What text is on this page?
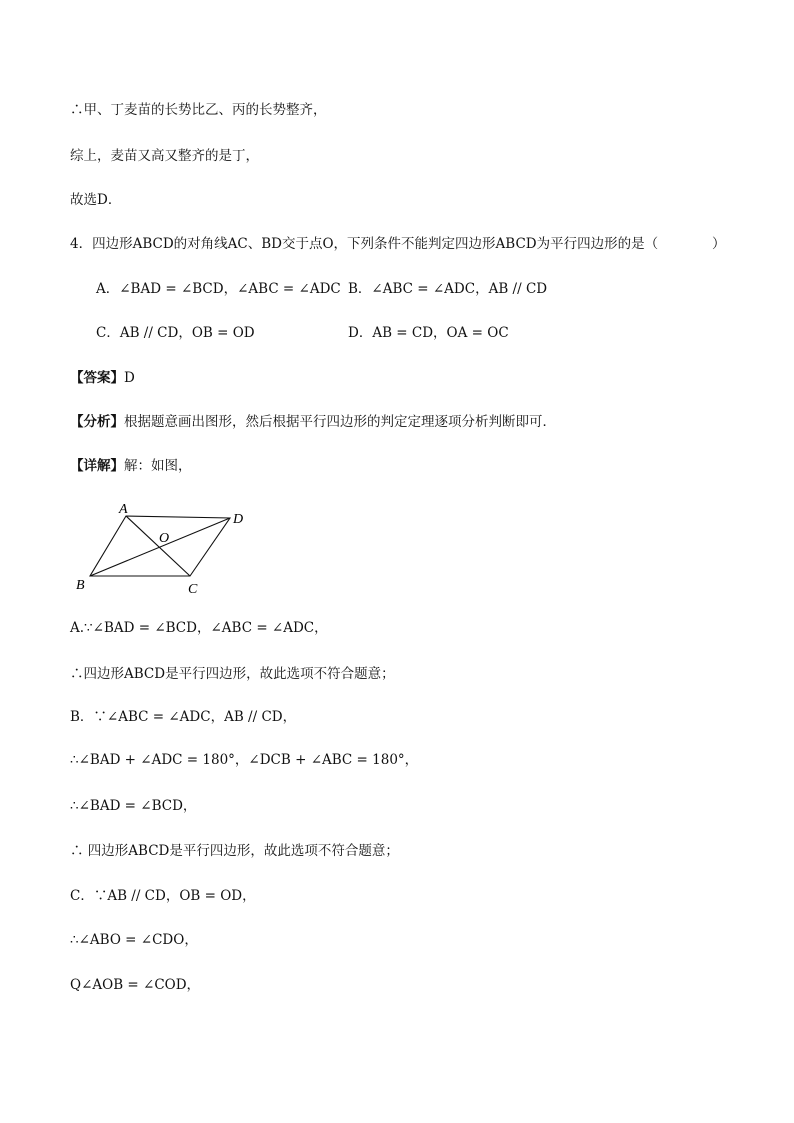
∴甲、丁麦苗的长势比乙、丙的长势整齐，
综上，麦苗又高又整齐的是丁，
故选D．
4．四边形ABCD的对角线AC、BD交于点O，下列条件不能判定四边形ABCD为平行四边形的是（	）
A．∠BAD = ∠BCD，∠ABC = ∠ADC B．∠ABC = ∠ADC，AB // CD
C．AB // CD，OB = OD	D．AB = CD，OA = OC
【答案】D
【分析】根据题意画出图形，然后根据平行四边形的判定定理逐项分析判断即可．
【详解】解：如图，
A
D
O
B	C
A.∵∠BAD = ∠BCD，∠ABC = ∠ADC，
∴四边形ABCD是平行四边形，故此选项不符合题意；
B．∵∠ABC = ∠ADC，AB // CD，
∴∠BAD + ∠ADC = 180°，∠DCB + ∠ABC = 180°，
∴∠BAD = ∠BCD，
∴ 四边形ABCD是平行四边形，故此选项不符合题意；
C．∵AB // CD，OB = OD，
∴∠ABO = ∠CDO，
Q∠AOB = ∠COD，
